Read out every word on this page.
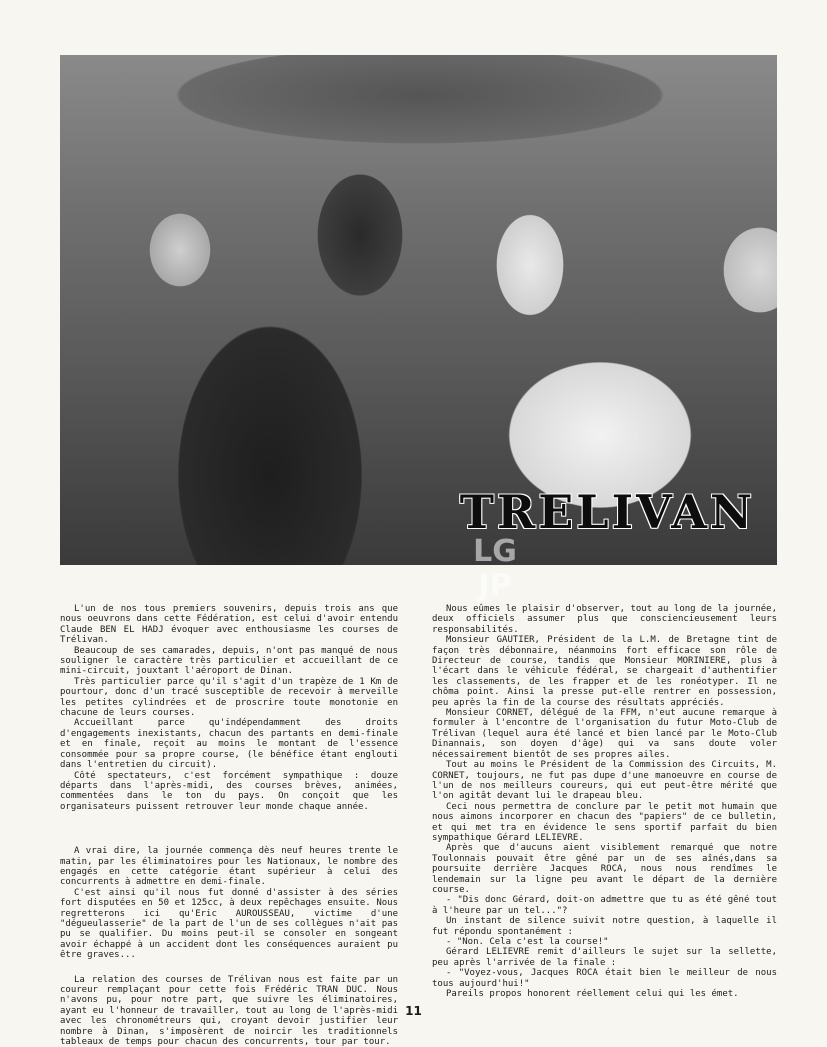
LG JP
TRELIVAN

L'un de nos tous premiers souvenirs, depuis trois ans que nous oeuvrons dans cette Fédération, est celui d'avoir entendu Claude BEN EL HADJ évoquer avec enthousiasme les courses de Trélivan.

Beaucoup de ses camarades, depuis, n'ont pas manqué de nous souligner le caractère très particulier et accueillant de ce mini-circuit, jouxtant l'aéroport de Dinan.

Très particulier parce qu'il s'agit d'un trapèze de 1 Km de pourtour, donc d'un tracé susceptible de recevoir à merveille les petites cylindrées et de proscrire toute monotonie en chacune de leurs courses.

Accueillant parce qu'indépendamment des droits d'engagements inexistants, chacun des partants en demi-finale et en finale, reçoit au moins le montant de l'essence consommée pour sa propre course, (le bénéfice étant englouti dans l'entretien du circuit).

Côté spectateurs, c'est forcément sympathique : douze départs dans l'après-midi, des courses brèves, animées, commentées dans le ton du pays. On conçoit que les organisateurs puissent retrouver leur monde chaque année.

A vrai dire, la journée commença dès neuf heures trente le matin, par les éliminatoires pour les Nationaux, le nombre des engagés en cette catégorie étant supérieur à celui des concurrents à admettre en demi-finale.

C'est ainsi qu'il nous fut donné d'assister à des séries fort disputées en 50 et 125cc, à deux repêchages ensuite. Nous regretterons ici qu'Eric AUROUSSEAU, victime d'une "dégueulasserie" de la part de l'un de ses collègues n'ait pas pu se qualifier. Du moins peut-il se consoler en songeant avoir échappé à un accident dont les conséquences auraient pu être graves...

La relation des courses de Trélivan nous est faite par un coureur remplaçant pour cette fois Frédéric TRAN DUC. Nous n'avons pu, pour notre part, que suivre les éliminatoires, ayant eu l'honneur de travailler, tout au long de l'après-midi avec les chronométreurs qui, croyant devoir justifier leur nombre à Dinan, s'imposèrent de noircir les traditionnels tableaux de temps pour chacun des concurrents, tour par tour.

Nous eûmes le plaisir d'observer, tout au long de la journée, deux officiels assumer plus que consciencieusement leurs responsabilités.

Monsieur GAUTIER, Président de la L.M. de Bretagne tint de façon très débonnaire, néanmoins fort efficace son rôle de Directeur de course, tandis que Monsieur MORINIERE, plus à l'écart dans le véhicule fédéral, se chargeait d'authentifier les classements, de les frapper et de les ronéotyper. Il ne chôma point. Ainsi la presse put-elle rentrer en possession, peu après la fin de la course des résultats appréciés.

Monsieur CORNET, délégué de la FFM, n'eut aucune remarque à formuler à l'encontre de l'organisation du futur Moto-Club de Trélivan (lequel aura été lancé et bien lancé par le Moto-Club Dinannais, son doyen d'âge) qui va sans doute voler nécessairement bientôt de ses propres ailes.

Tout au moins le Président de la Commission des Circuits, M. CORNET, toujours, ne fut pas dupe d'une manoeuvre en course de l'un de nos meilleurs coureurs, qui eut peut-être mérité que l'on agitât devant lui le drapeau bleu.

Ceci nous permettra de conclure par le petit mot humain que nous aimons incorporer en chacun des "papiers" de ce bulletin, et qui met tra en évidence le sens sportif parfait du bien sympathique Gérard LELIEVRE.

Après que d'aucuns aient visiblement remarqué que notre Toulonnais pouvait être gêné par un de ses aînés,dans sa poursuite derrière Jacques ROCA, nous nous rendîmes le lendemain sur la ligne peu avant le départ de la dernière course.

- "Dis donc Gérard, doit-on admettre que tu as été gêné tout à l'heure par un tel..."?

Un instant de silence suivit notre question, à laquelle il fut répondu spontanément :

- "Non. Cela c'est la course!"

Gérard LELIEVRE remit d'ailleurs le sujet sur la sellette, peu après l'arrivée de la finale :

- "Voyez-vous, Jacques ROCA était bien le meilleur de nous tous aujourd'hui!"

Pareils propos honorent réellement celui qui les émet.

11
